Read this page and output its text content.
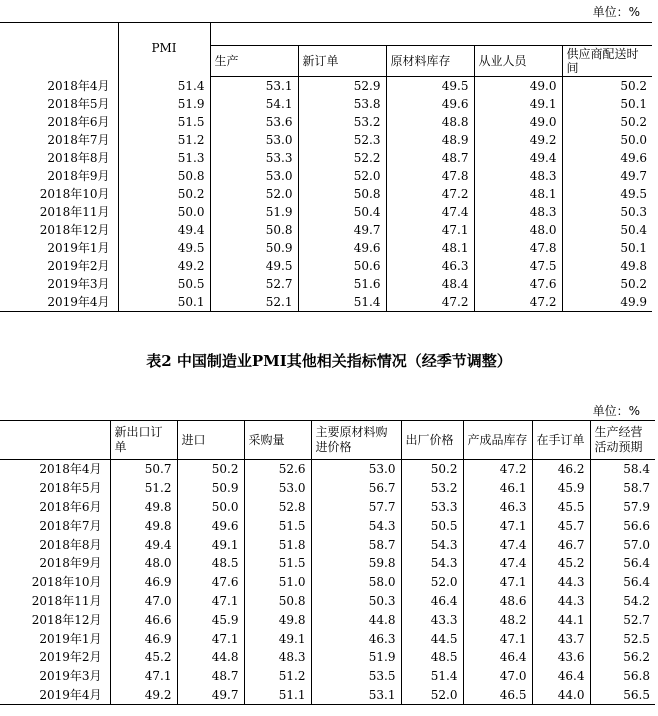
单位：%
	PMI					
		生产	新订单	原材料库存	从业人员	供应商配送时间
2018年4月	51.4	53.1	52.9	49.5	49.0	50.2
2018年5月	51.9	54.1	53.8	49.6	49.1	50.1
2018年6月	51.5	53.6	53.2	48.8	49.0	50.2
2018年7月	51.2	53.0	52.3	48.9	49.2	50.0
2018年8月	51.3	53.3	52.2	48.7	49.4	49.6
2018年9月	50.8	53.0	52.0	47.8	48.3	49.7
2018年10月	50.2	52.0	50.8	47.2	48.1	49.5
2018年11月	50.0	51.9	50.4	47.4	48.3	50.3
2018年12月	49.4	50.8	49.7	47.1	48.0	50.4
2019年1月	49.5	50.9	49.6	48.1	47.8	50.1
2019年2月	49.2	49.5	50.6	46.3	47.5	49.8
2019年3月	50.5	52.7	51.6	48.4	47.6	50.2
2019年4月	50.1	52.1	51.4	47.2	47.2	49.9
表2 中国制造业PMI其他相关指标情况（经季节调整）
单位：%
	新出口订单	进口	采购量	主要原材料购进价格	出厂价格	产成品库存	在手订单	生产经营活动预期
2018年4月	50.7	50.2	52.6	53.0	50.2	47.2	46.2	58.4
2018年5月	51.2	50.9	53.0	56.7	53.2	46.1	45.9	58.7
2018年6月	49.8	50.0	52.8	57.7	53.3	46.3	45.5	57.9
2018年7月	49.8	49.6	51.5	54.3	50.5	47.1	45.7	56.6
2018年8月	49.4	49.1	51.8	58.7	54.3	47.4	46.7	57.0
2018年9月	48.0	48.5	51.5	59.8	54.3	47.4	45.2	56.4
2018年10月	46.9	47.6	51.0	58.0	52.0	47.1	44.3	56.4
2018年11月	47.0	47.1	50.8	50.3	46.4	48.6	44.3	54.2
2018年12月	46.6	45.9	49.8	44.8	43.3	48.2	44.1	52.7
2019年1月	46.9	47.1	49.1	46.3	44.5	47.1	43.7	52.5
2019年2月	45.2	44.8	48.3	51.9	48.5	46.4	43.6	56.2
2019年3月	47.1	48.7	51.2	53.5	51.4	47.0	46.4	56.8
2019年4月	49.2	49.7	51.1	53.1	52.0	46.5	44.0	56.5
